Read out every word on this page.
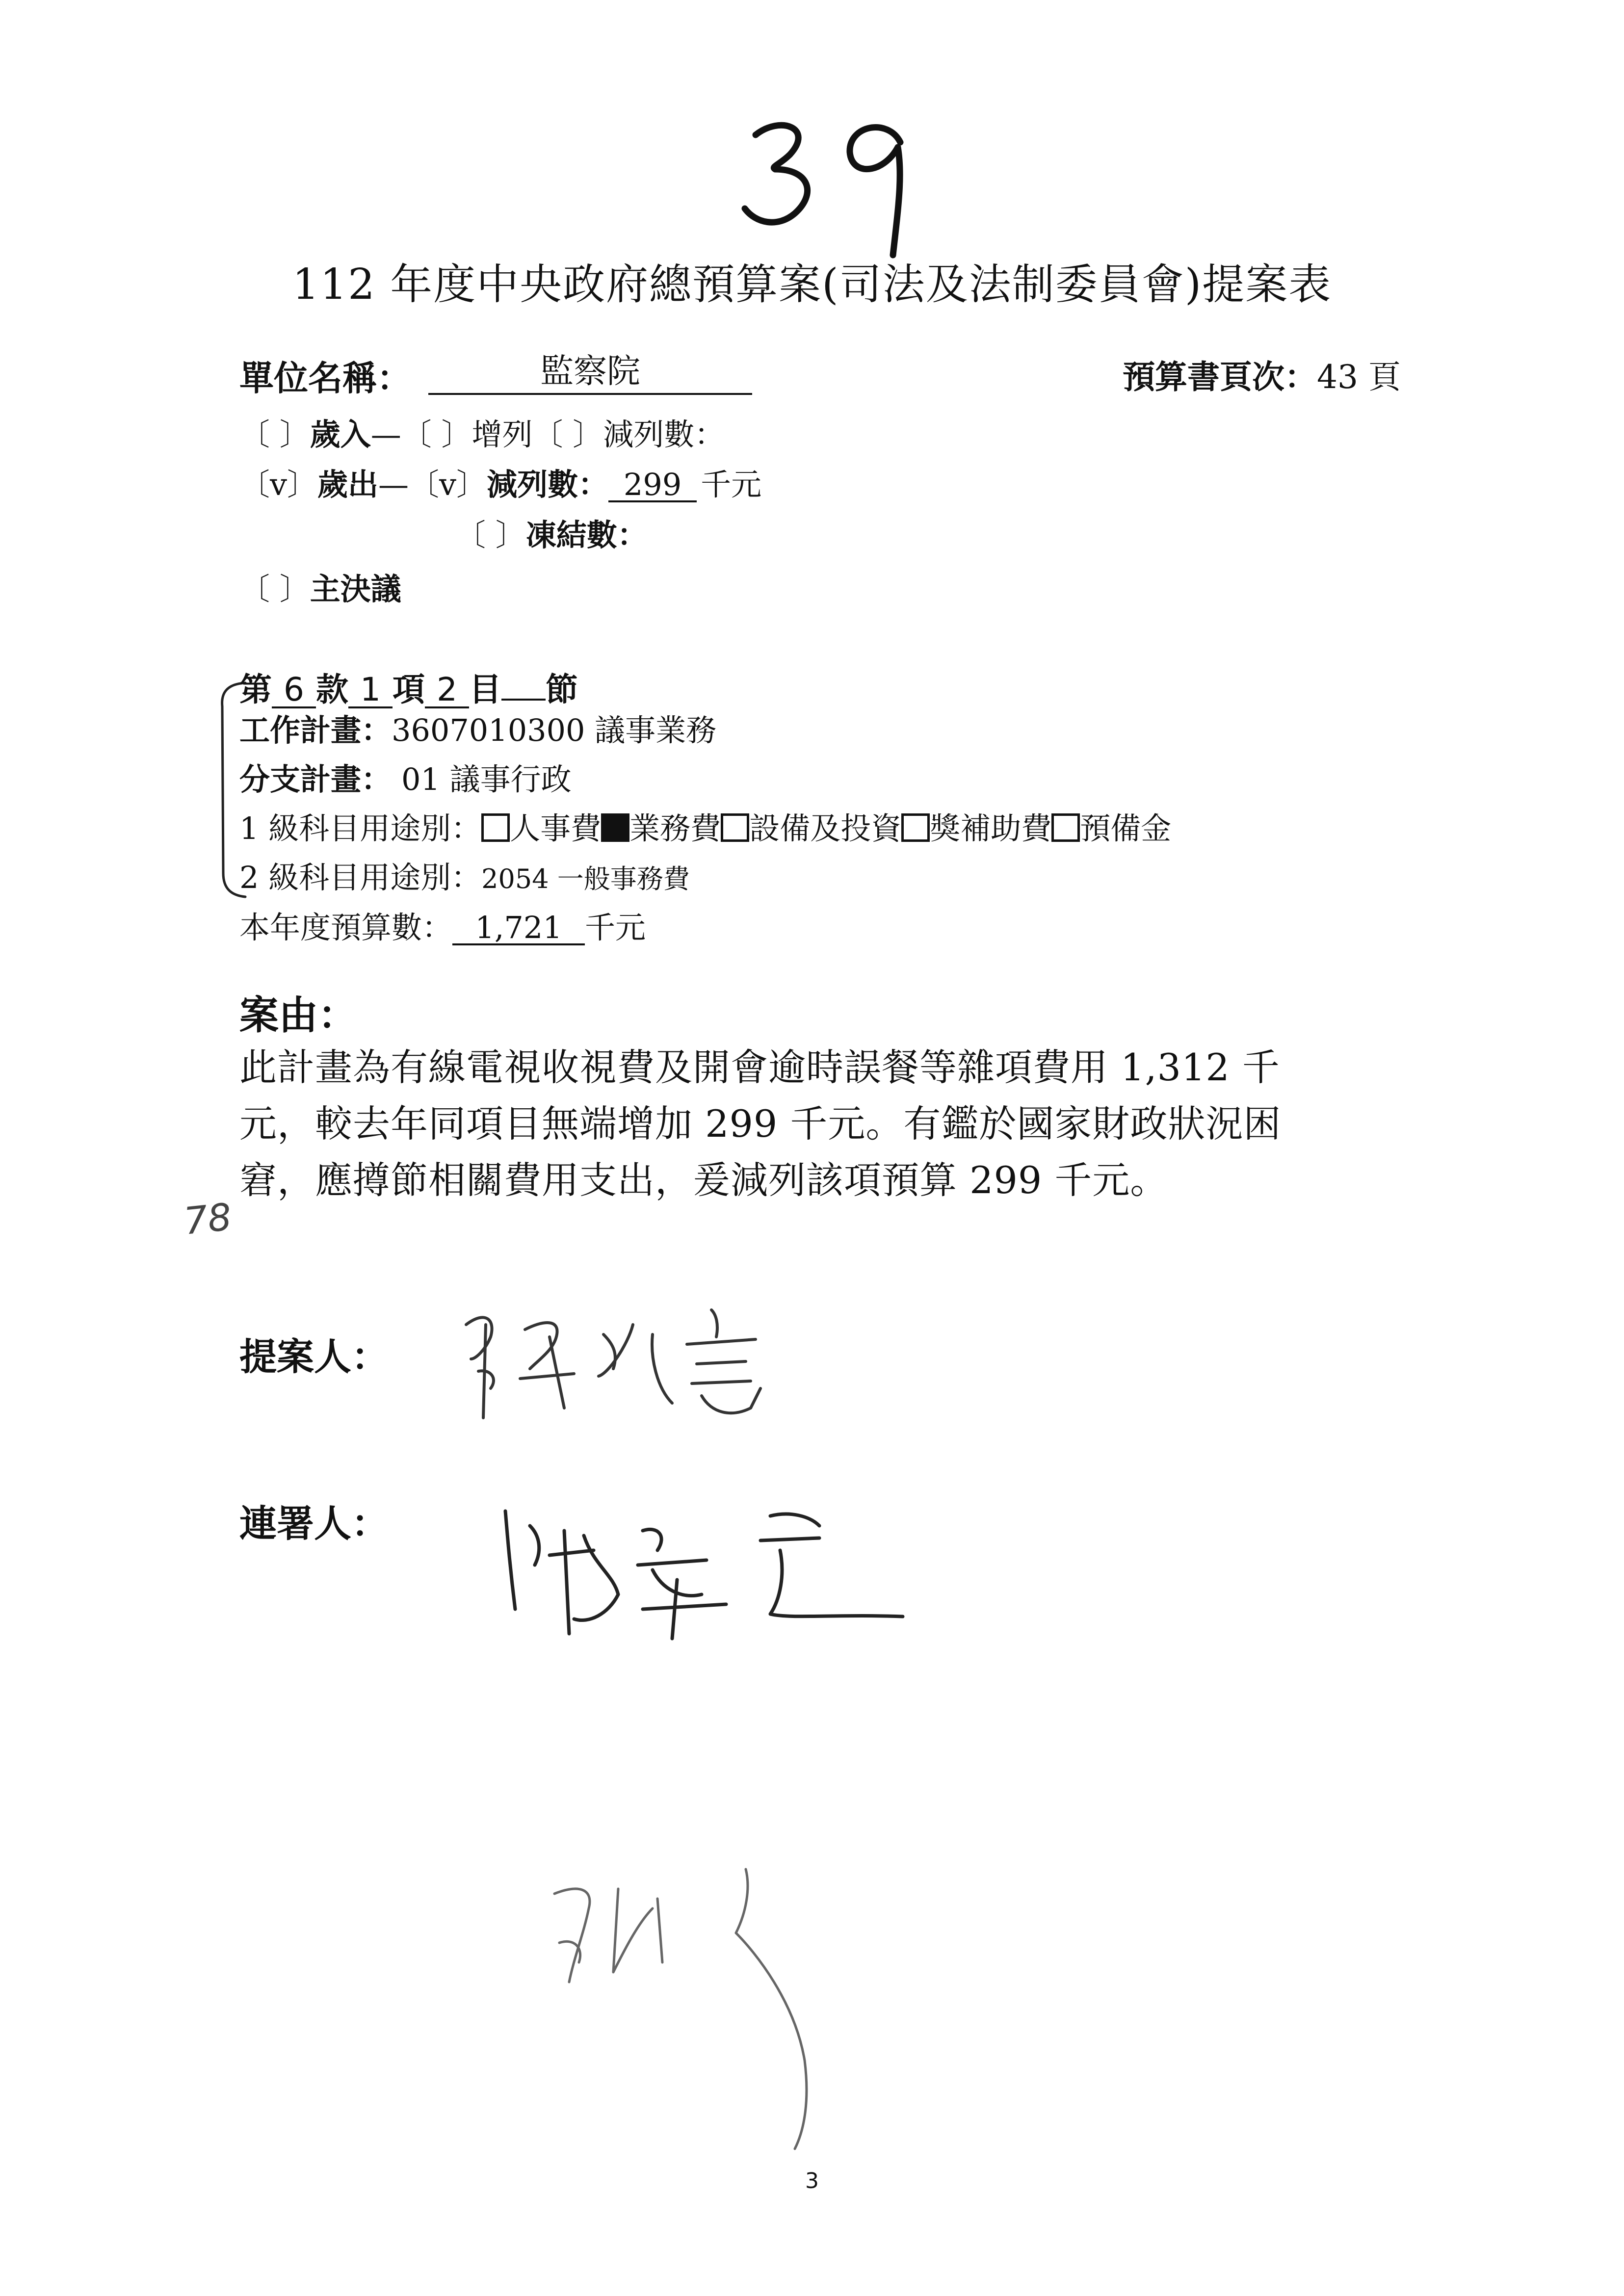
112 年度中央政府總預算案(司法及法制委員會)提案表
單位名稱：	監察院	預算書頁次：43 頁
〔 〕歲入—〔 〕增列〔 〕減列數：
〔v〕歲出—〔v〕減列數： 299 千元
〔 〕凍結數：
〔 〕主決議
第 6 款 1 項 2 目 節
工作計畫：3607010300 議事業務
分支計畫： 01 議事行政
1 級科目用途別： 人事費 業務費 設備及投資 獎補助費 預備金
2 級科目用途別：2054 一般事務費
本年度預算數： 1,721 千元
案由：
此計畫為有線電視收視費及開會逾時誤餐等雜項費用 1,312 千
元，較去年同項目無端增加 299 千元。有鑑於國家財政狀況困
窘，應撙節相關費用支出，爰減列該項預算 299 千元。
78
提案人：
連署人：
3
